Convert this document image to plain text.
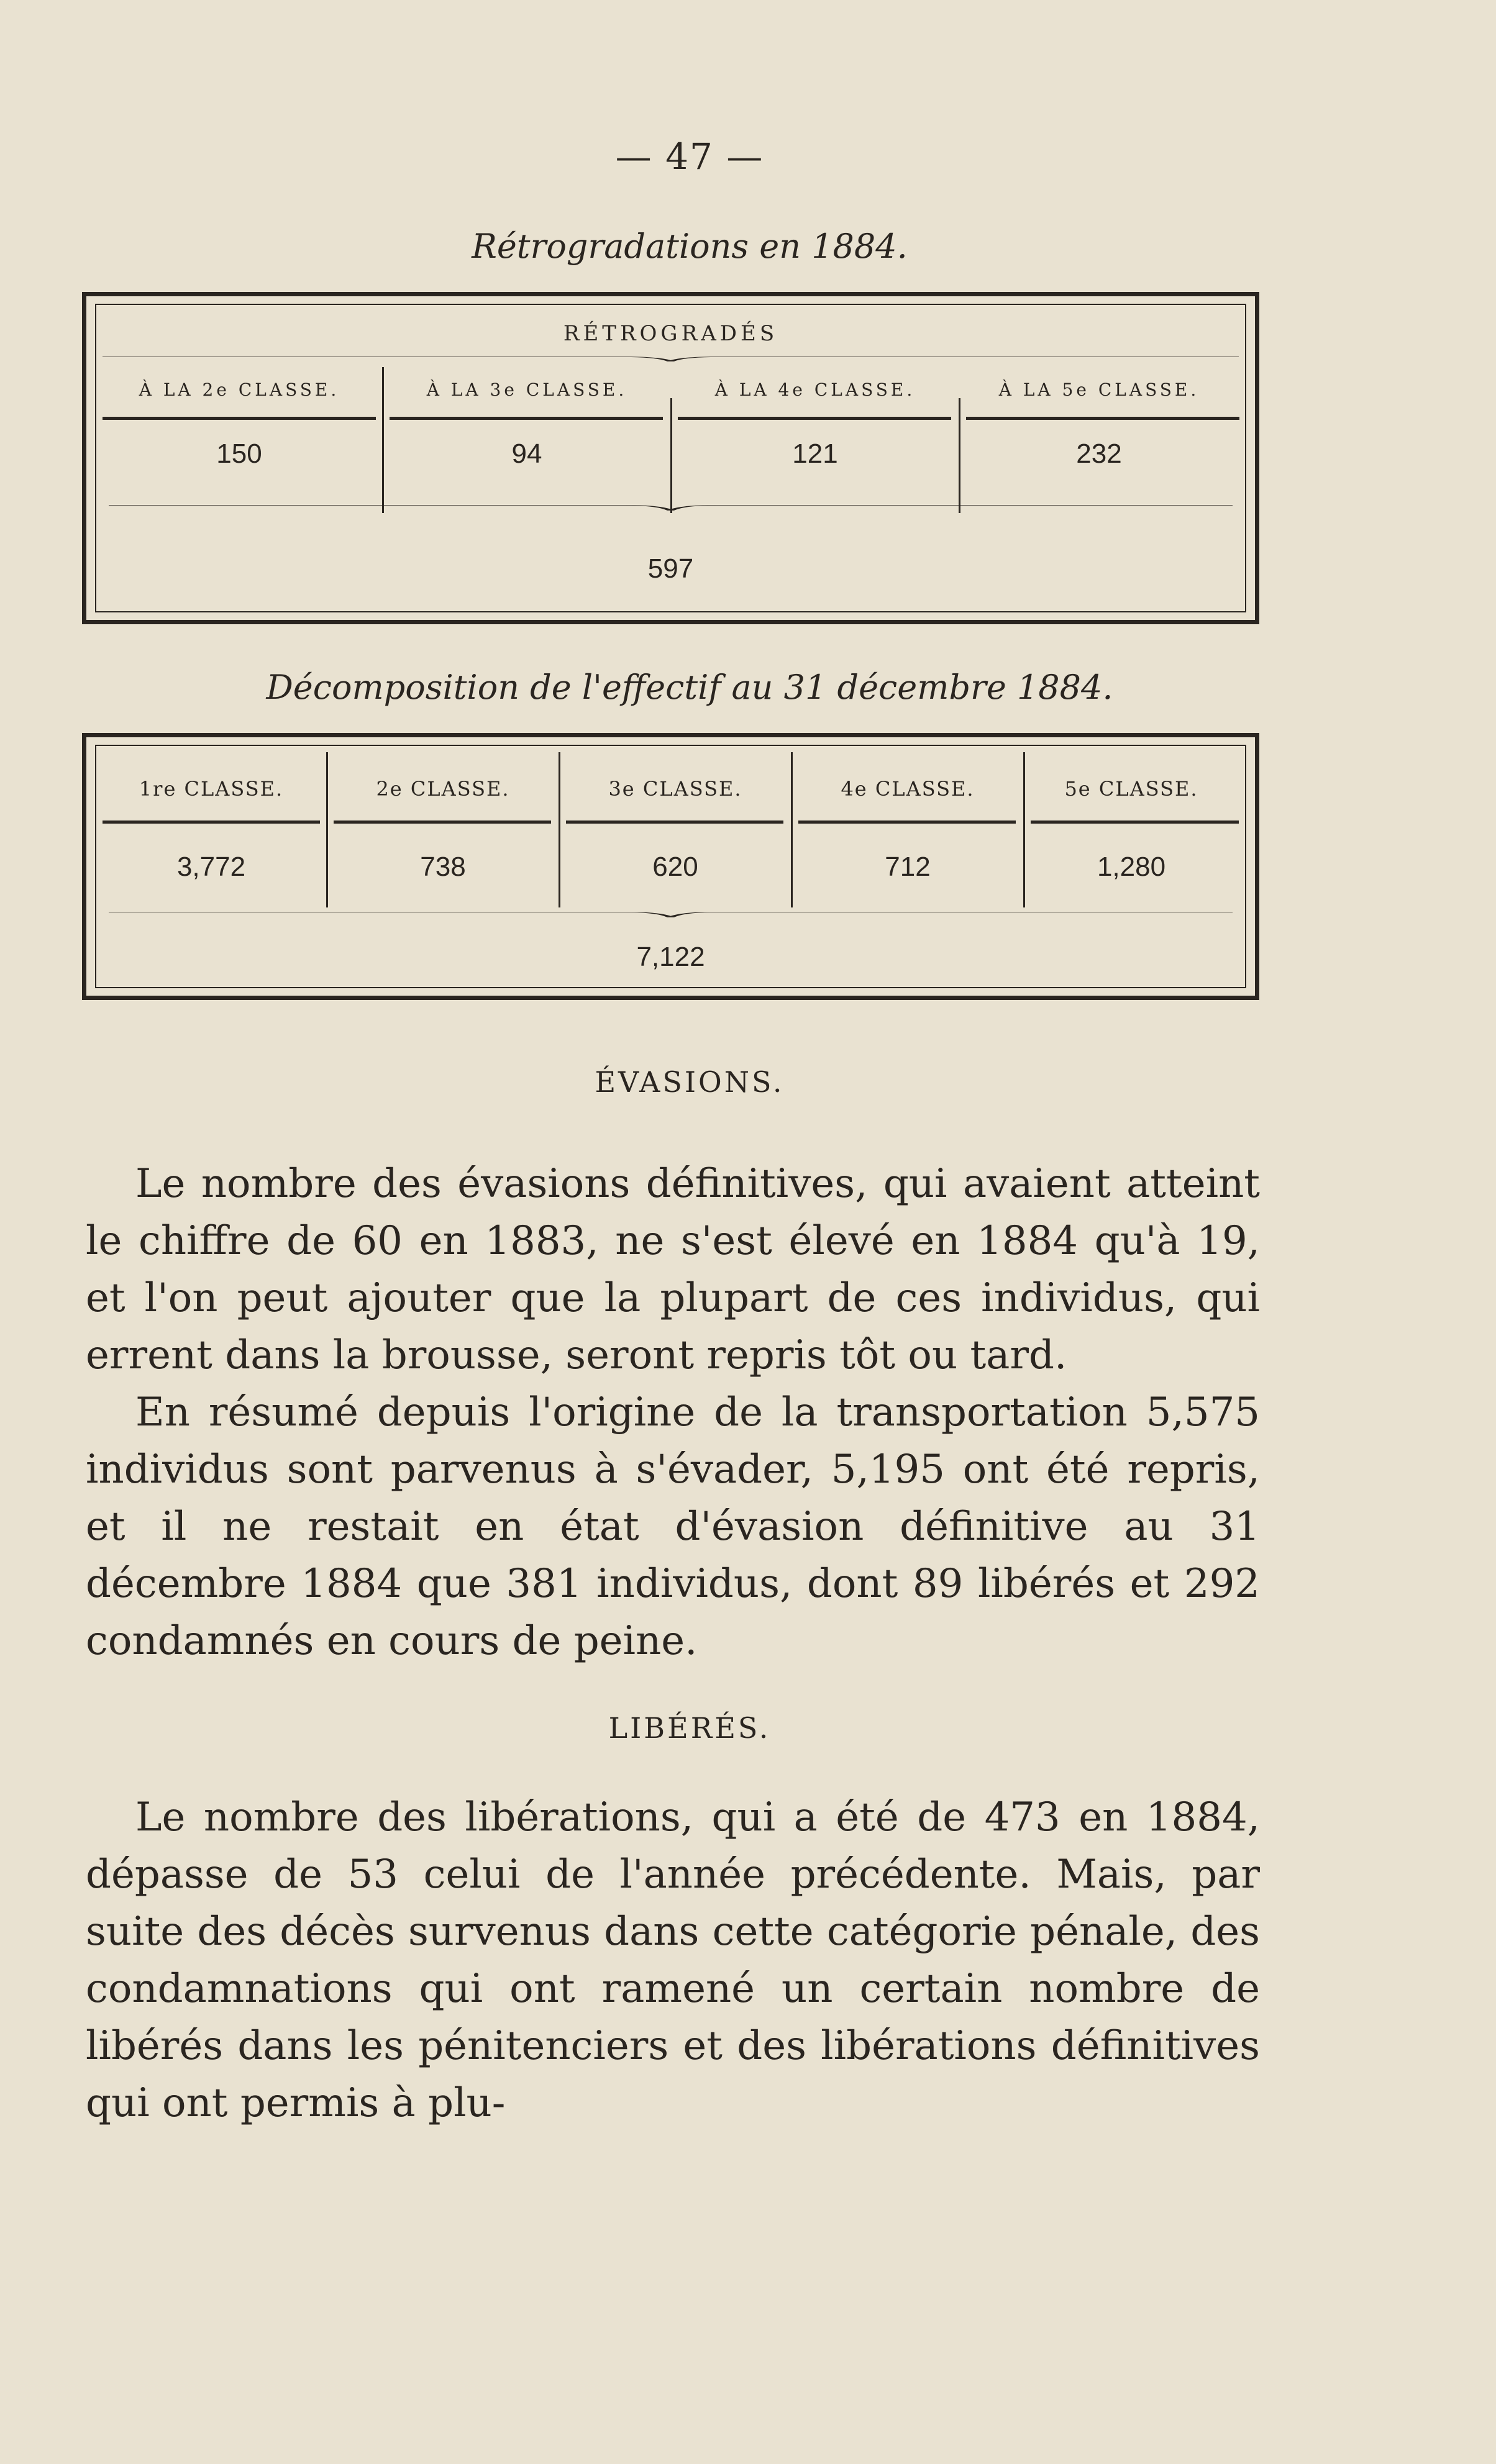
— 47 —
Rétrogradations en 1884.
RÉTROGRADÉS
À LA 2e CLASSE.	À LA 3e CLASSE.	À LA 4e CLASSE.	À LA 5e CLASSE.
150	94	121	232
597
Décomposition de l'effectif au 31 décembre 1884.
1re CLASSE.	2e CLASSE.	3e CLASSE.	4e CLASSE.	5e CLASSE.
3,772	738	620	712	1,280
7,122
ÉVASIONS.

Le nombre des évasions définitives, qui avaient atteint le chiffre de 60 en 1883, ne s'est élevé en 1884 qu'à 19, et l'on peut ajouter que la plupart de ces individus, qui errent dans la brousse, seront repris tôt ou tard.

En résumé depuis l'origine de la transportation 5,575 individus sont parvenus à s'évader, 5,195 ont été repris, et il ne restait en état d'évasion définitive au 31 décembre 1884 que 381 individus, dont 89 libérés et 292 condamnés en cours de peine.

LIBÉRÉS.

Le nombre des libérations, qui a été de 473 en 1884, dépasse de 53 celui de l'année précédente. Mais, par suite des décès survenus dans cette catégorie pénale, des condamnations qui ont ramené un certain nombre de libérés dans les pénitenciers et des libérations définitives qui ont permis à plu-
